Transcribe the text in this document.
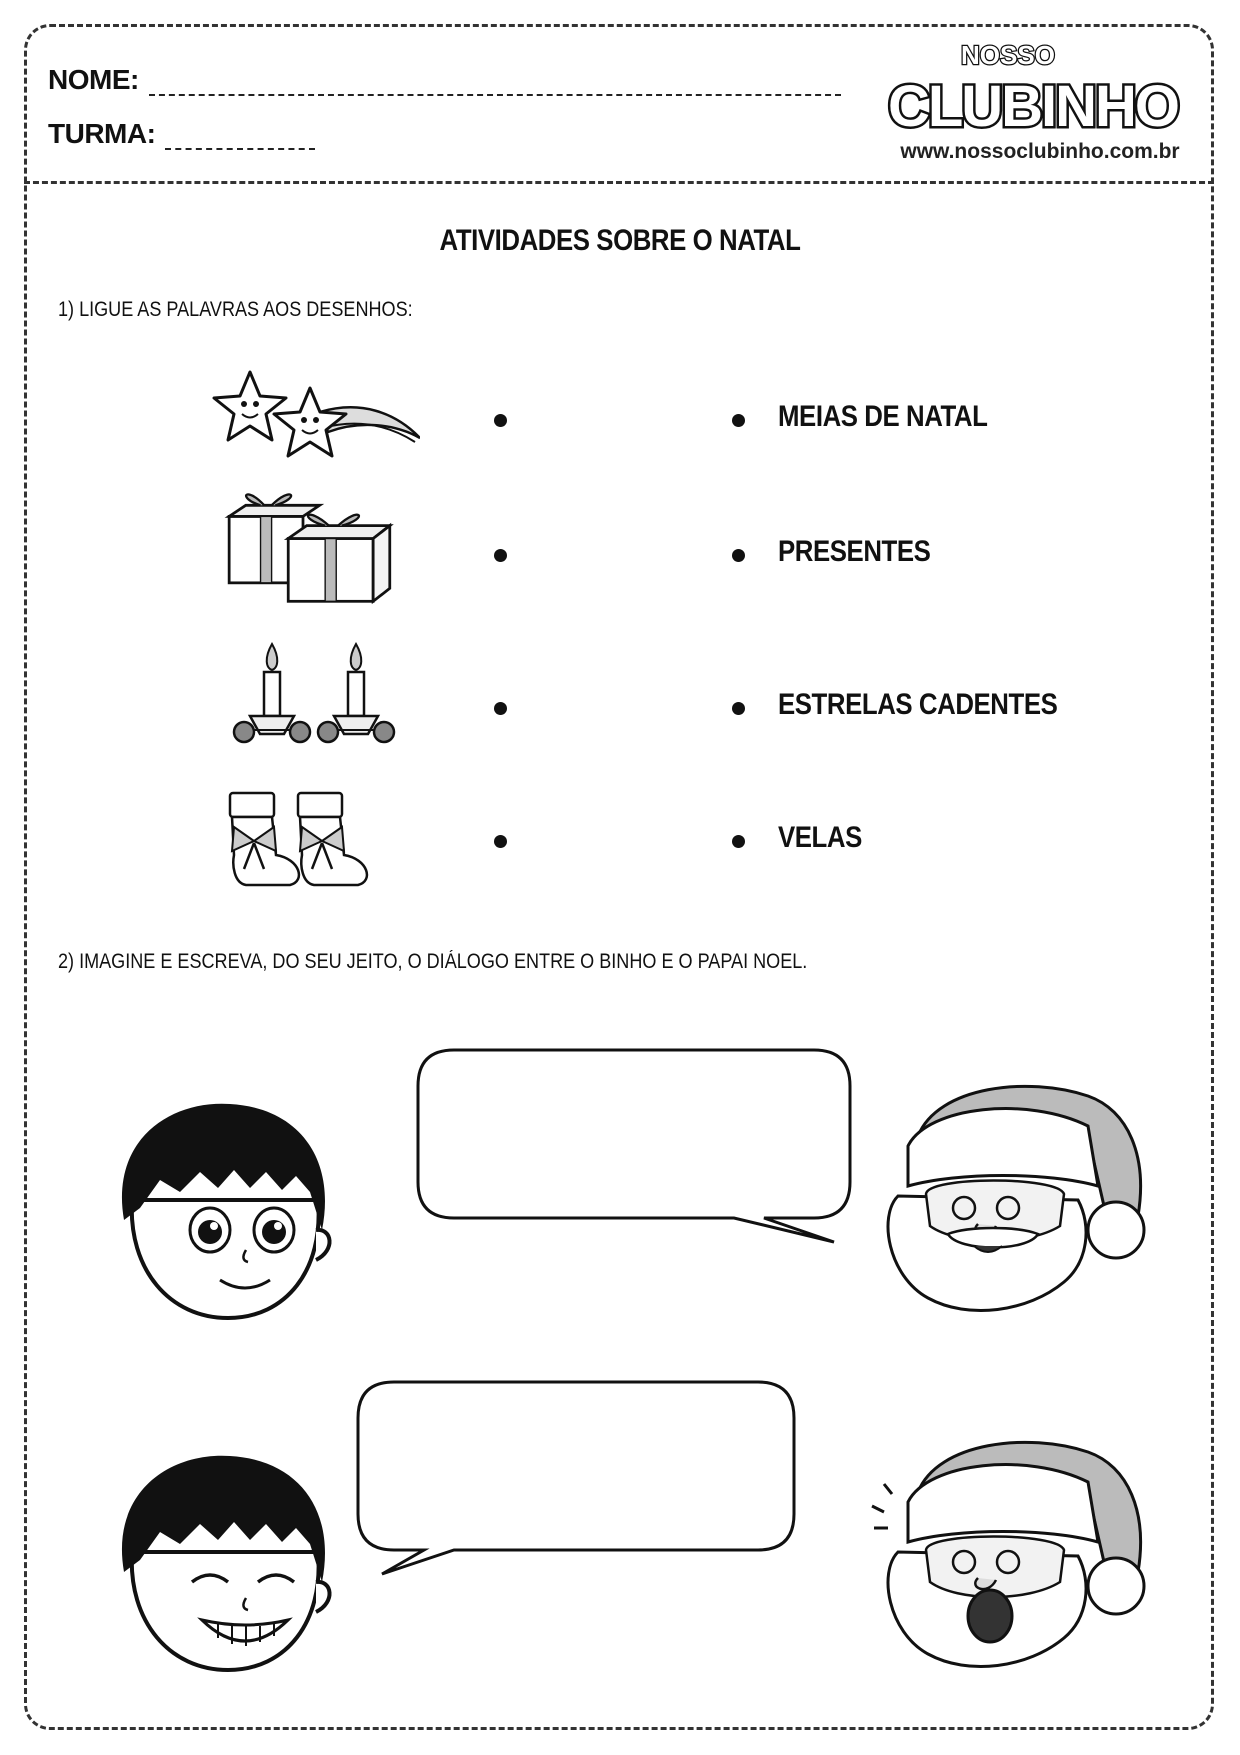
NOME:
TURMA:
NOSSO
CLUBINHO
www.nossoclubinho.com.br
ATIVIDADES SOBRE O NATAL
1) LIGUE AS PALAVRAS AOS DESENHOS:
MEIAS DE NATAL
PRESENTES
ESTRELAS CADENTES
VELAS
2) IMAGINE E ESCREVA, DO SEU JEITO, O DIÁLOGO ENTRE O BINHO E O PAPAI NOEL.
